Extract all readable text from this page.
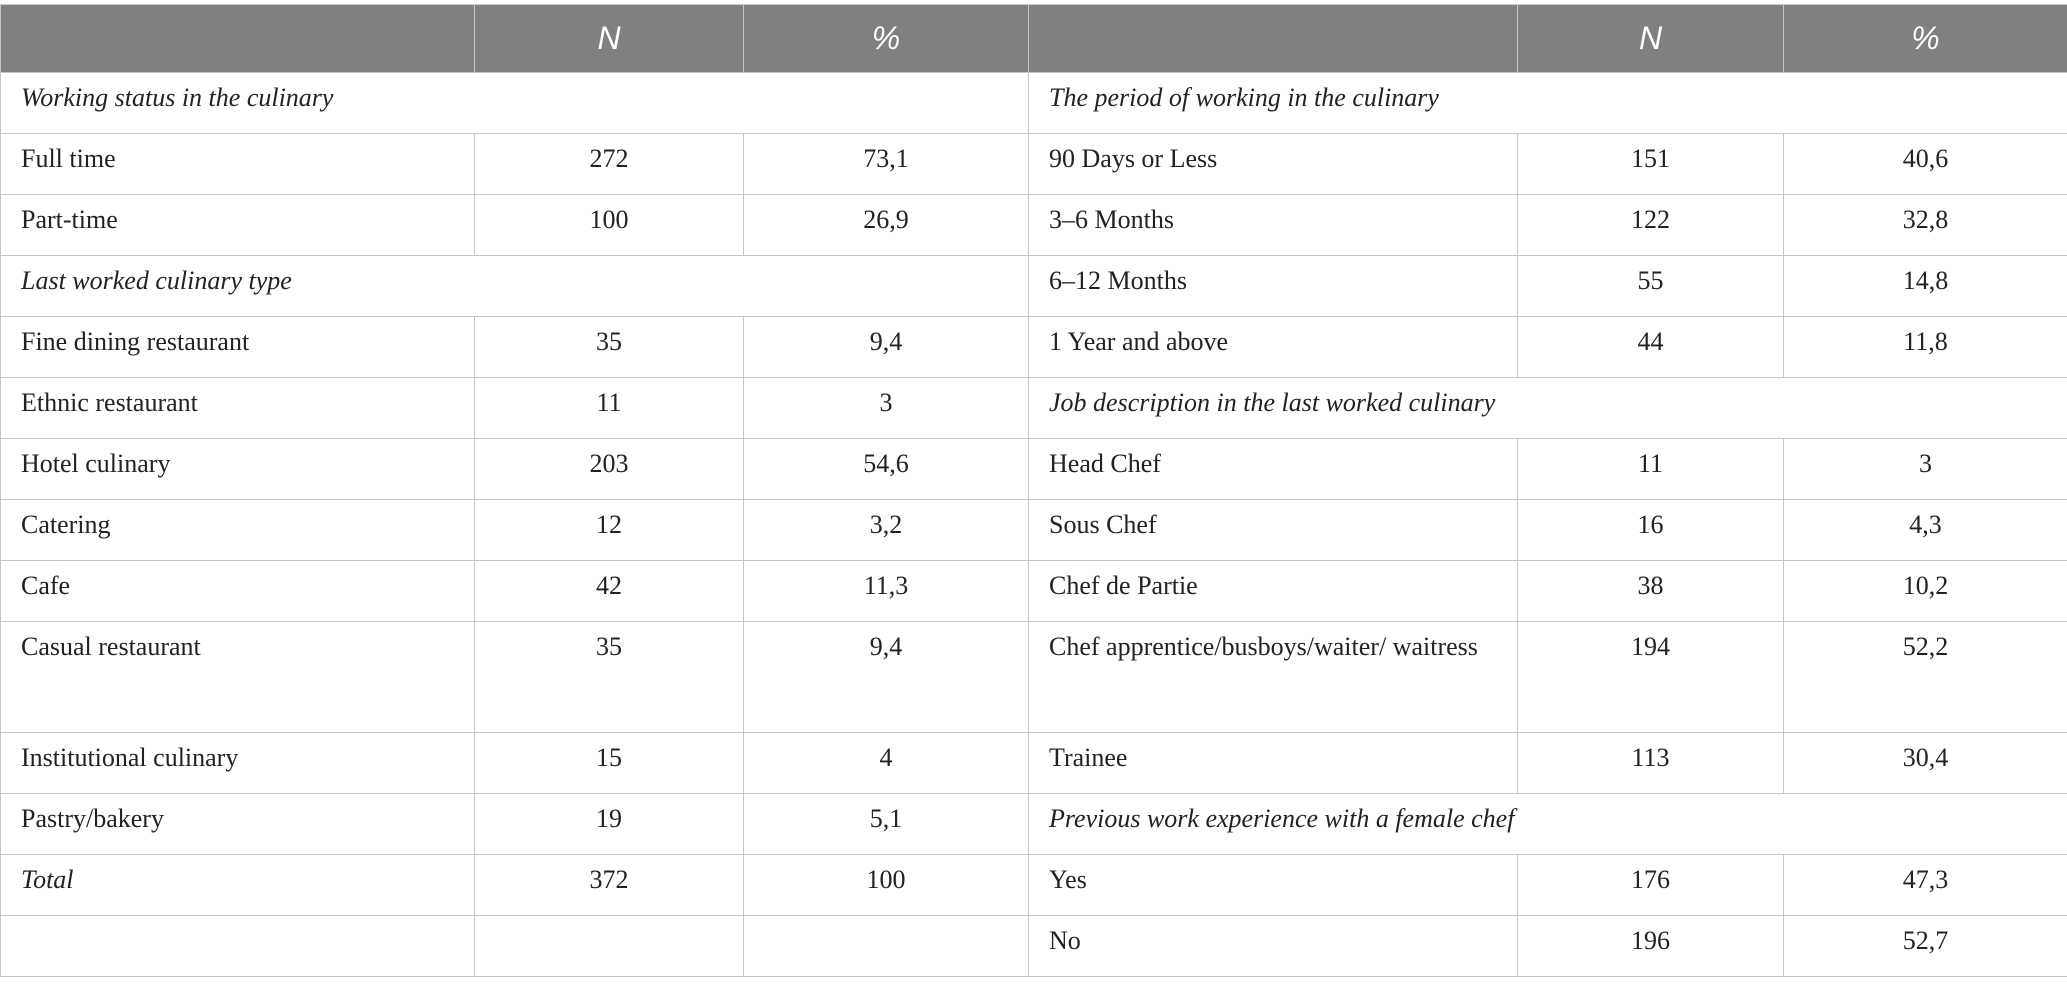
	N	%		N	%
Working status in the culinary			The period of working in the culinary		
Full time	272	73,1	90 Days or Less	151	40,6
Part-time	100	26,9	3–6 Months	122	32,8
Last worked culinary type			6–12 Months	55	14,8
Fine dining restaurant	35	9,4	1 Year and above	44	11,8
Ethnic restaurant	11	3	Job description in the last worked culinary		
Hotel culinary	203	54,6	Head Chef	11	3
Catering	12	3,2	Sous Chef	16	4,3
Cafe	42	11,3	Chef de Partie	38	10,2
Casual restaurant	35	9,4	Chef apprentice/busboys/waiter/ waitress	194	52,2
Institutional culinary	15	4	Trainee	113	30,4
Pastry/bakery	19	5,1	Previous work experience with a female chef		
Total	372	100	Yes	176	47,3
			No	196	52,7
